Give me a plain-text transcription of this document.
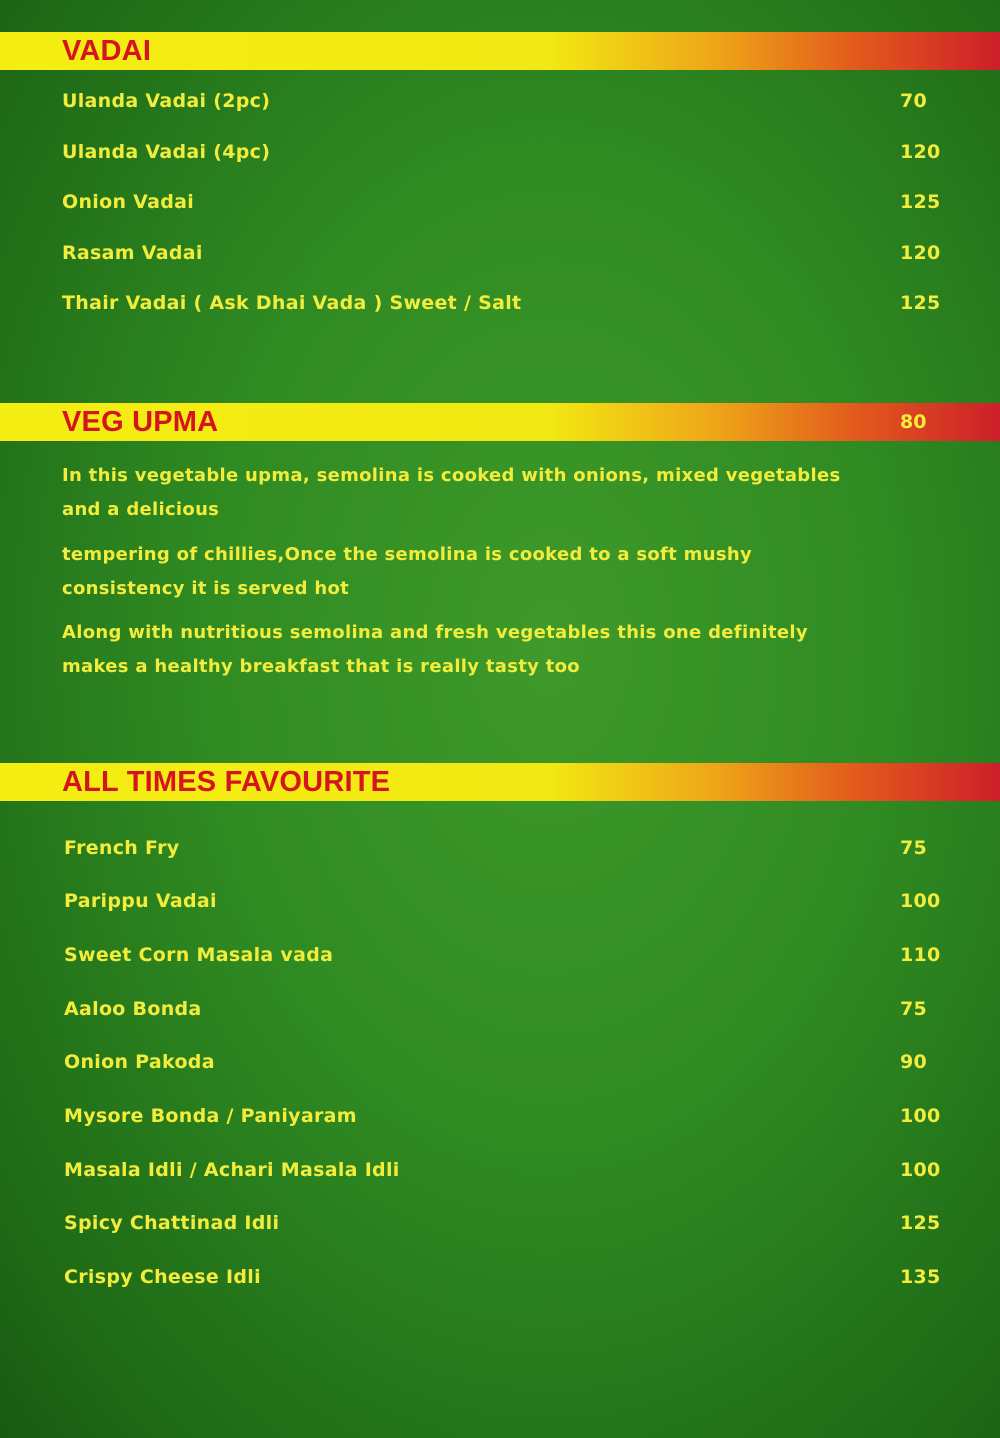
VADAI
Ulanda Vadai (2pc)	70
Ulanda Vadai (4pc)	120
Onion Vadai	125
Rasam Vadai	120
Thair Vadai ( Ask Dhai Vada ) Sweet / Salt	125
VEG UPMA	80
In this vegetable upma, semolina is cooked with onions, mixed vegetables and a delicious
tempering of chillies,Once the semolina is cooked to a soft mushy consistency it is served hot
Along with nutritious semolina and fresh vegetables this one definitely makes a healthy breakfast that is really tasty too
ALL TIMES FAVOURITE
French Fry	75
Parippu Vadai	100
Sweet Corn Masala vada	110
Aaloo Bonda	75
Onion Pakoda	90
Mysore Bonda / Paniyaram	100
Masala Idli / Achari Masala Idli	100
Spicy Chattinad Idli	125
Crispy Cheese Idli	135
